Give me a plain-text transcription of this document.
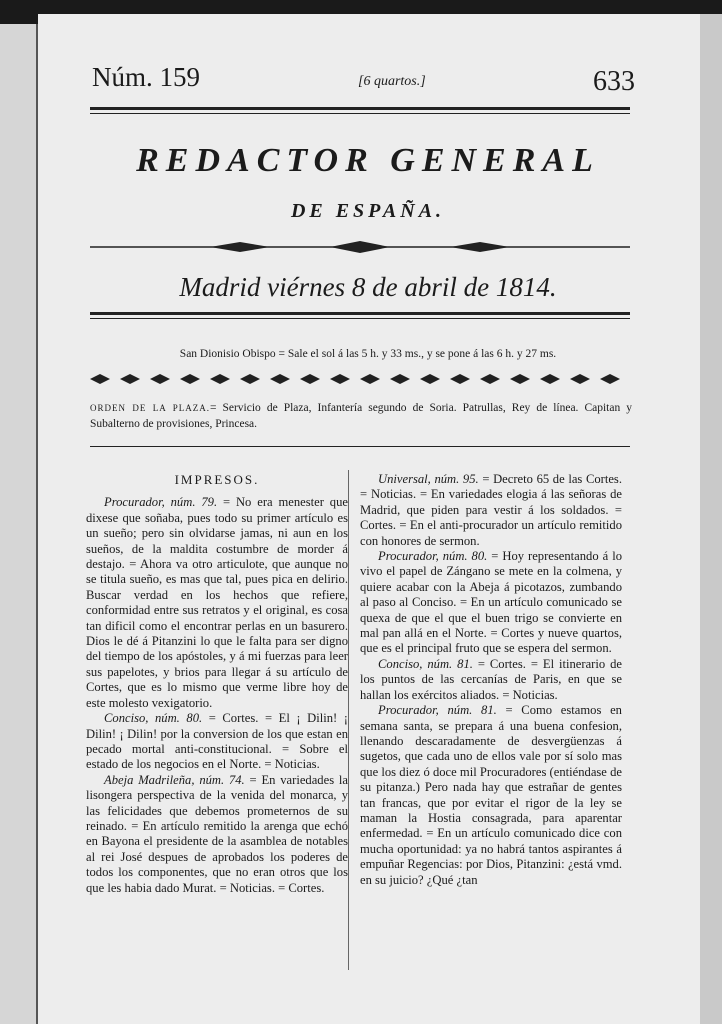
Núm. 159	[6 quartos.]	633
REDACTOR GENERAL
DE ESPAÑA.
Madrid viérnes 8 de abril de 1814.
San Dionisio Obispo = Sale el sol á las 5 h. y 33 ms., y se pone á las 6 h. y 27 ms.
ORDEN DE LA PLAZA.= Servicio de Plaza, Infantería segundo de Soria. Patrullas, Rey de línea. Capitan y Subalterno de provisiones, Princesa.

IMPRESOS.

Procurador, núm. 79. = No era menester que dixese que soñaba, pues todo su primer artículo es un sueño; pero sin olvidarse jamas, ni aun en los sueños, de la maldita costumbre de morder á destajo. = Ahora va otro articulote, que aunque no se titula sueño, es mas que tal, pues pica en delirio. Buscar verdad en los hechos que refiere, conformidad entre sus retratos y el original, es cosa tan dificil como el encontrar perlas en un basurero. Dios le dé á Pitanzini lo que le falta para ser digno del tiempo de los apóstoles, y á mi fuerzas para leer sus papelotes, y brios para llegar á su artículo de Cortes, que es lo mismo que verme libre hoy de este molesto vexigatorio.

Conciso, núm. 80. = Cortes. = El ¡ Dilin! ¡ Dilin! ¡ Dilin! por la conversion de los que estan en pecado mortal anti-constitucional. = Sobre el estado de los negocios en el Norte. = Noticias.

Abeja Madrileña, núm. 74. = En variedades la lisongera perspectiva de la venida del monarca, y las felicidades que debemos prometernos de su reinado. = En artículo remitido la arenga que echó en Bayona el presidente de la asamblea de notables al rei José despues de aprobados los poderes de todos los componentes, que no eran otros que los que les habia dado Murat. = Noticias. = Cortes.

Universal, núm. 95. = Decreto 65 de las Cortes. = Noticias. = En variedades elogia á las señoras de Madrid, que piden para vestir á los soldados. = Cortes. = En el anti-procurador un artículo remitido con honores de sermon.

Procurador, núm. 80. = Hoy representando á lo vivo el papel de Zángano se mete en la colmena, y quiere acabar con la Abeja á picotazos, zumbando al paso al Conciso. = En un artículo comunicado se quexa de que el que el buen trigo se convierte en mal pan allá en el Norte. = Cortes y nueve quartos, que es el principal fruto que se espera del sermon.

Conciso, núm. 81. = Cortes. = El itinerario de los puntos de las cercanías de Paris, en que se hallan los exércitos aliados. = Noticias.

Procurador, núm. 81. = Como estamos en semana santa, se prepara á una buena confesion, llenando descaradamente de desvergüenzas á sugetos, que cada uno de ellos vale por sí solo mas que los diez ó doce mil Procuradores (entiéndase de su pitanza.) Pero nada hay que estrañar de gentes tan francas, que por evitar el rigor de la ley se maman la Hostia consagrada, para aparentar enfermedad. = En un artículo comunicado dice con mucha oportunidad: ya no habrá tantos aspirantes á empuñar Regencias: por Dios, Pitanzini: ¿está vmd. en su juicio? ¿Qué ¿tan
